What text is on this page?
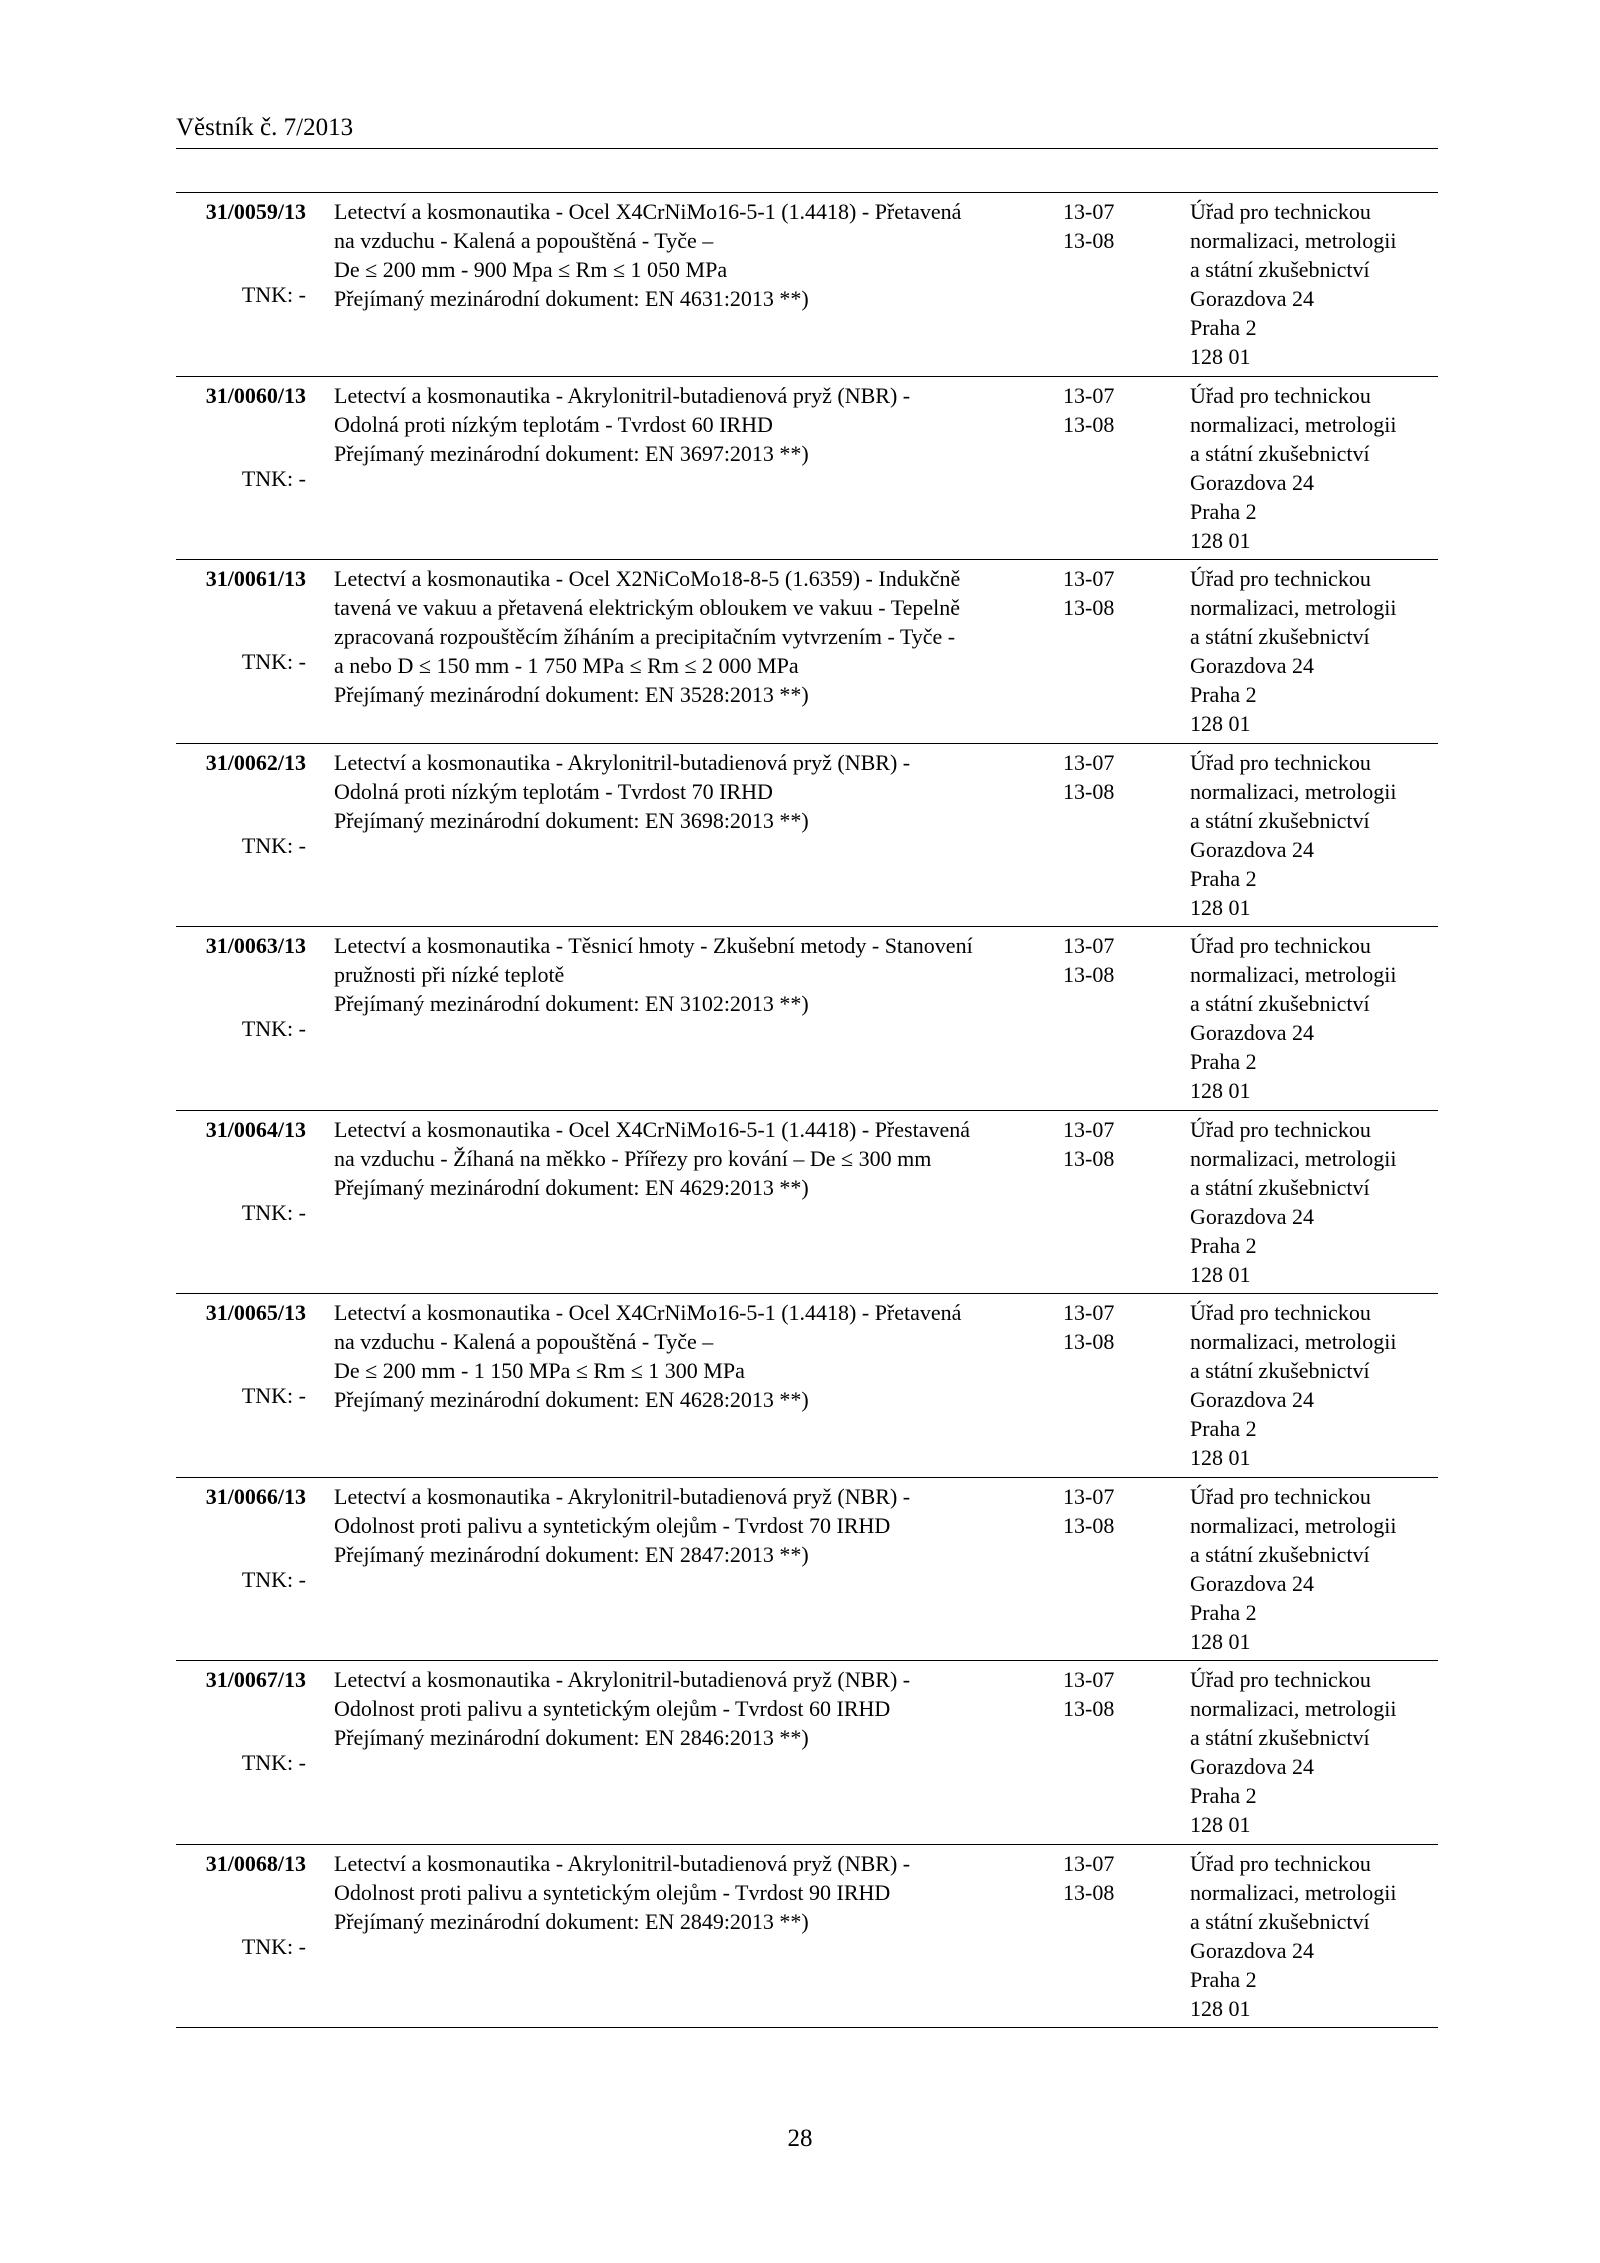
Věstník č. 7/2013
31/0059/13
TNK: -

Letectví a kosmonautika - Ocel X4CrNiMo16-5-1 (1.4418) - Přetavená

na vzduchu - Kalená a popouštěná - Tyče –

De ≤ 200 mm - 900 Mpa ≤ Rm ≤ 1 050 MPa

Přejímaný mezinárodní dokument: EN 4631:2013 **)

13-07
13-08
Úřad pro technickou
normalizaci, metrologii
a státní zkušebnictví
Gorazdova 24
Praha 2
128 01
31/0060/13
TNK: -

Letectví a kosmonautika - Akrylonitril-butadienová pryž (NBR) -

Odolná proti nízkým teplotám - Tvrdost 60 IRHD

Přejímaný mezinárodní dokument: EN 3697:2013 **)

13-07
13-08
Úřad pro technickou
normalizaci, metrologii
a státní zkušebnictví
Gorazdova 24
Praha 2
128 01
31/0061/13
TNK: -

Letectví a kosmonautika - Ocel X2NiCoMo18-8-5 (1.6359) - Indukčně

tavená ve vakuu a přetavená elektrickým obloukem ve vakuu - Tepelně

zpracovaná rozpouštěcím žíháním a precipitačním vytvrzením - Tyče -

a nebo D ≤ 150 mm - 1 750 MPa ≤ Rm ≤ 2 000 MPa

Přejímaný mezinárodní dokument: EN 3528:2013 **)

13-07
13-08
Úřad pro technickou
normalizaci, metrologii
a státní zkušebnictví
Gorazdova 24
Praha 2
128 01
31/0062/13
TNK: -

Letectví a kosmonautika - Akrylonitril-butadienová pryž (NBR) -

Odolná proti nízkým teplotám - Tvrdost 70 IRHD

Přejímaný mezinárodní dokument: EN 3698:2013 **)

13-07
13-08
Úřad pro technickou
normalizaci, metrologii
a státní zkušebnictví
Gorazdova 24
Praha 2
128 01
31/0063/13
TNK: -

Letectví a kosmonautika - Těsnicí hmoty - Zkušební metody - Stanovení

pružnosti při nízké teplotě

Přejímaný mezinárodní dokument: EN 3102:2013 **)

13-07
13-08
Úřad pro technickou
normalizaci, metrologii
a státní zkušebnictví
Gorazdova 24
Praha 2
128 01
31/0064/13
TNK: -

Letectví a kosmonautika - Ocel X4CrNiMo16-5-1 (1.4418) - Přestavená

na vzduchu - Žíhaná na měkko - Přířezy pro kování – De ≤ 300 mm

Přejímaný mezinárodní dokument: EN 4629:2013 **)

13-07
13-08
Úřad pro technickou
normalizaci, metrologii
a státní zkušebnictví
Gorazdova 24
Praha 2
128 01
31/0065/13
TNK: -

Letectví a kosmonautika - Ocel X4CrNiMo16-5-1 (1.4418) - Přetavená

na vzduchu - Kalená a popouštěná - Tyče –

De ≤ 200 mm - 1 150 MPa ≤ Rm ≤ 1 300 MPa

Přejímaný mezinárodní dokument: EN 4628:2013 **)

13-07
13-08
Úřad pro technickou
normalizaci, metrologii
a státní zkušebnictví
Gorazdova 24
Praha 2
128 01
31/0066/13
TNK: -

Letectví a kosmonautika - Akrylonitril-butadienová pryž (NBR) -

Odolnost proti palivu a syntetickým olejům - Tvrdost 70 IRHD

Přejímaný mezinárodní dokument: EN 2847:2013 **)

13-07
13-08
Úřad pro technickou
normalizaci, metrologii
a státní zkušebnictví
Gorazdova 24
Praha 2
128 01
31/0067/13
TNK: -

Letectví a kosmonautika - Akrylonitril-butadienová pryž (NBR) -

Odolnost proti palivu a syntetickým olejům - Tvrdost 60 IRHD

Přejímaný mezinárodní dokument: EN 2846:2013 **)

13-07
13-08
Úřad pro technickou
normalizaci, metrologii
a státní zkušebnictví
Gorazdova 24
Praha 2
128 01
31/0068/13
TNK: -

Letectví a kosmonautika - Akrylonitril-butadienová pryž (NBR) -

Odolnost proti palivu a syntetickým olejům - Tvrdost 90 IRHD

Přejímaný mezinárodní dokument: EN 2849:2013 **)

13-07
13-08
Úřad pro technickou
normalizaci, metrologii
a státní zkušebnictví
Gorazdova 24
Praha 2
128 01
28
